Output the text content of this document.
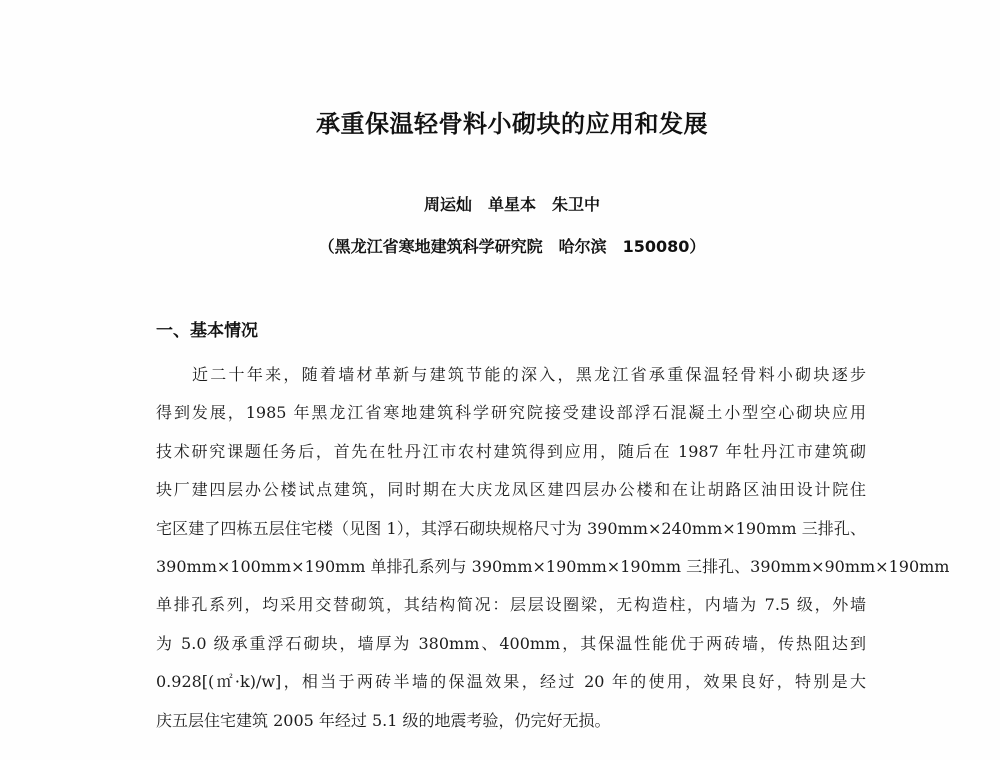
承重保温轻骨料小砌块的应用和发展
周运灿 单星本 朱卫中
（黑龙江省寒地建筑科学研究院　哈尔滨　150080）
一、基本情况
近二十年来，随着墙材革新与建筑节能的深入，黑龙江省承重保温轻骨料小砌块逐步
得到发展，1985 年黑龙江省寒地建筑科学研究院接受建设部浮石混凝土小型空心砌块应用
技术研究课题任务后，首先在牡丹江市农村建筑得到应用，随后在 1987 年牡丹江市建筑砌
块厂建四层办公楼试点建筑，同时期在大庆龙凤区建四层办公楼和在让胡路区油田设计院住
宅区建了四栋五层住宅楼（见图 1），其浮石砌块规格尺寸为 390mm×240mm×190mm 三排孔、
390mm×100mm×190mm 单排孔系列与 390mm×190mm×190mm 三排孔、390mm×90mm×190mm
单排孔系列，均采用交替砌筑，其结构简况：层层设圈梁，无构造柱，内墙为 7.5 级，外墙
为 5.0 级承重浮石砌块，墙厚为 380mm、400mm，其保温性能优于两砖墙，传热阻达到
0.928[(㎡·k)/w]，相当于两砖半墙的保温效果，经过 20 年的使用，效果良好，特别是大
庆五层住宅建筑 2005 年经过 5.1 级的地震考验，仍完好无损。
